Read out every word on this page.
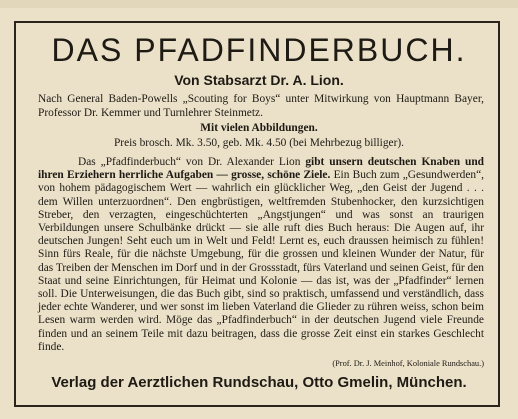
DAS PFADFINDERBUCH.
Von Stabsarzt Dr. A. Lion.
Nach General Baden-Powells „Scouting for Boys“ unter Mitwirkung von Hauptmann Bayer, Professor Dr. Kemmer und Turnlehrer Steinmetz.
Mit vielen Abbildungen.
Preis brosch. Mk. 3.50, geb. Mk. 4.50 (bei Mehrbezug billiger).
Das „Pfadfinderbuch“ von Dr. Alexander Lion gibt unsern deutschen Knaben und ihren Erziehern herrliche Aufgaben — grosse, schöne Ziele. Ein Buch zum „Gesundwerden“, von hohem pädagogischem Wert — wahrlich ein glücklicher Weg, „den Geist der Jugend . . . dem Willen unterzuordnen“. Den engbrüstigen, weltfremden Stubenhocker, den kurzsichtigen Streber, den verzagten, eingeschüchterten „Angstjungen“ und was sonst an traurigen Verbildungen unsere Schulbänke drückt — sie alle ruft dies Buch heraus: Die Augen auf, ihr deutschen Jungen! Seht euch um in Welt und Feld! Lernt es, euch draussen heimisch zu fühlen! Sinn fürs Reale, für die nächste Umgebung, für die grossen und kleinen Wunder der Natur, für das Treiben der Menschen im Dorf und in der Grossstadt, fürs Vaterland und seinen Geist, für den Staat und seine Einrichtungen, für Heimat und Kolonie — das ist, was der „Pfadfinder“ lernen soll. Die Unterweisungen, die das Buch gibt, sind so praktisch, umfassend und verständlich, dass jeder echte Wanderer, und wer sonst im lieben Vaterland die Glieder zu rühren weiss, schon beim Lesen warm werden wird. Möge das „Pfadfinderbuch“ in der deutschen Jugend viele Freunde finden und an seinem Teile mit dazu beitragen, dass die grosse Zeit einst ein starkes Geschlecht finde.
(Prof. Dr. J. Meinhof, Koloniale Rundschau.)
Verlag der Aerztlichen Rundschau, Otto Gmelin, München.
